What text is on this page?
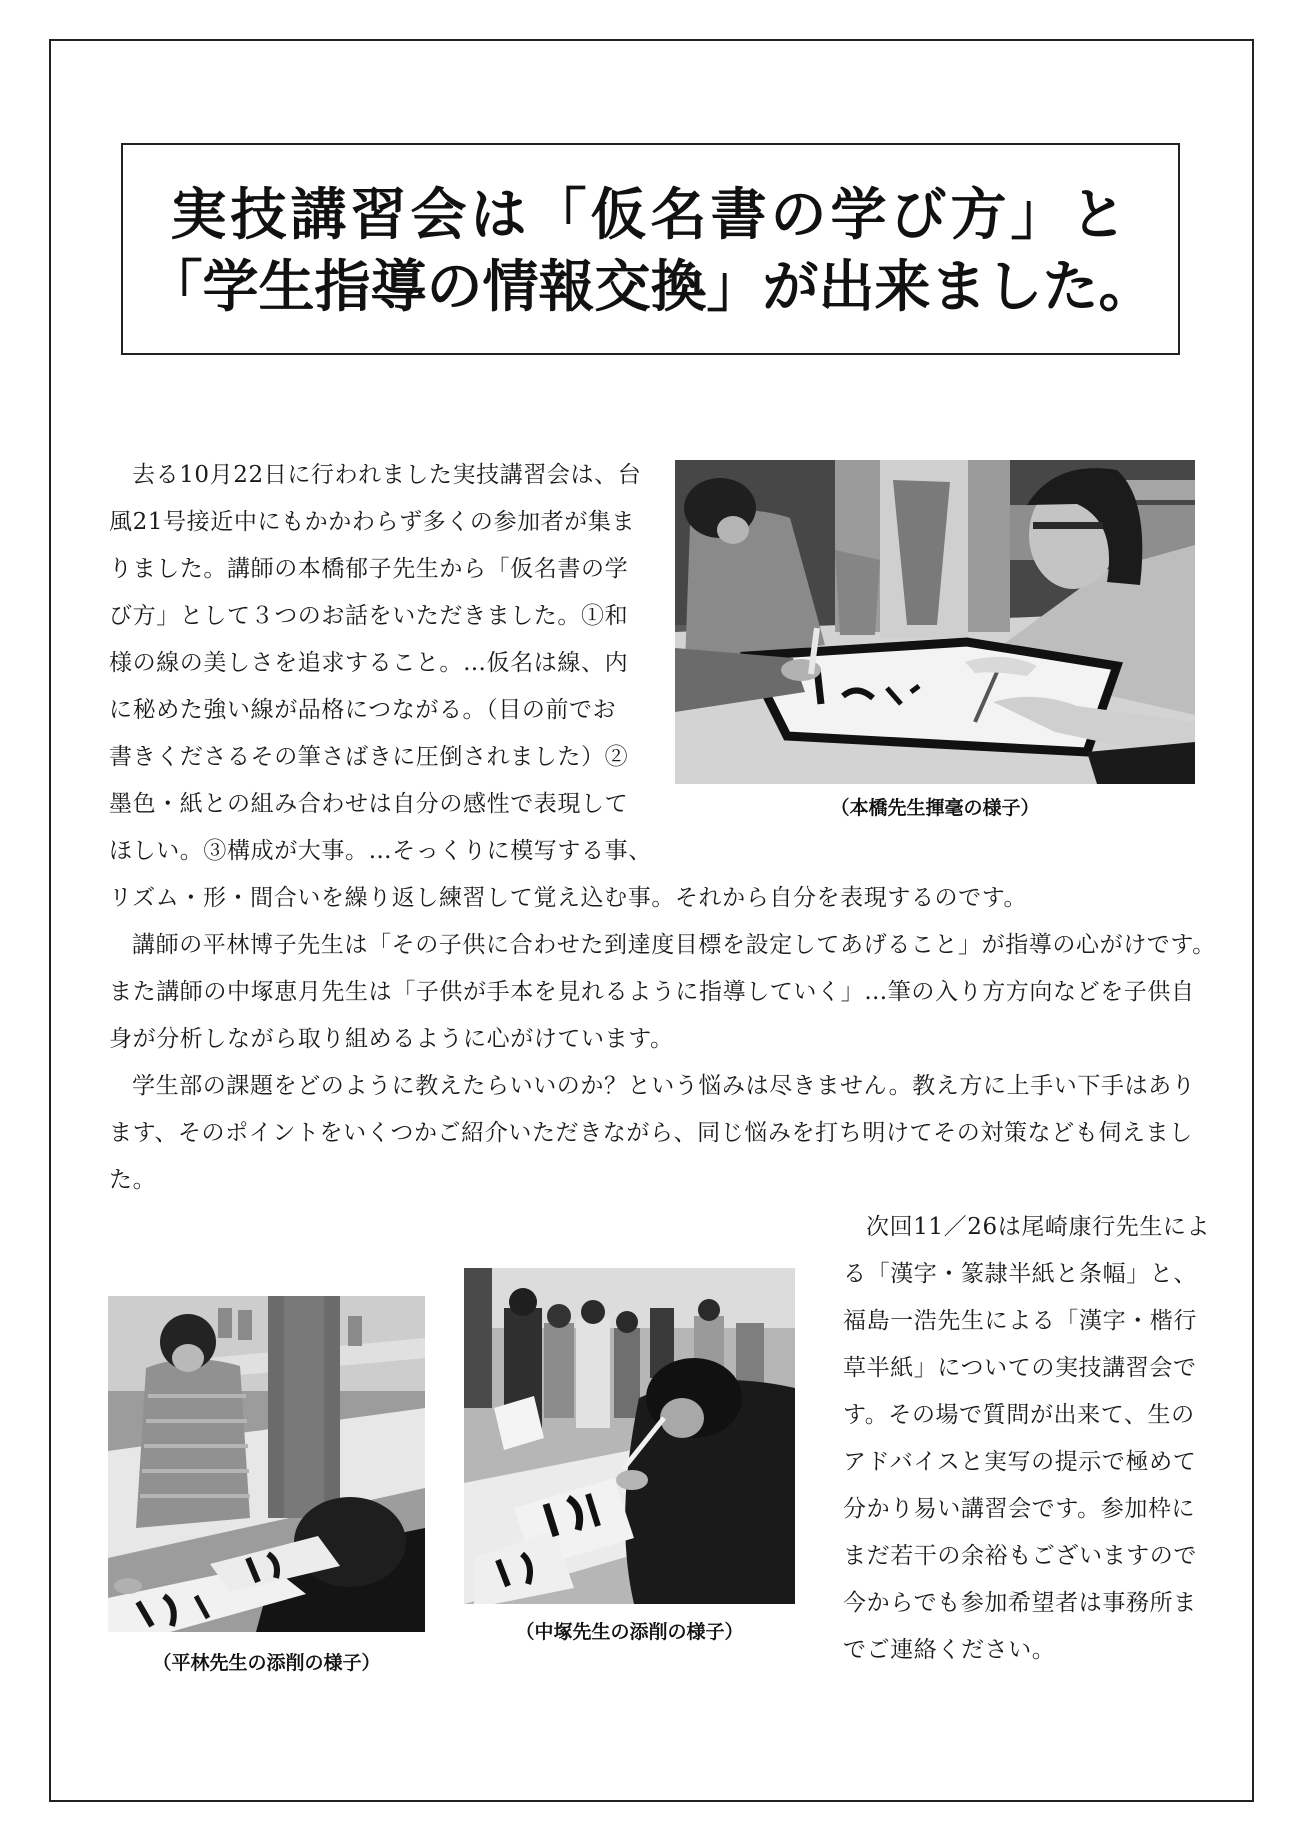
実技講習会は「仮名書の学び方」と
「学生指導の情報交換」が出来ました。
去る10月22日に行われました実技講習会は、台
風21号接近中にもかかわらず多くの参加者が集ま
りました。講師の本橋郁子先生から「仮名書の学
び方」として３つのお話をいただきました。①和
様の線の美しさを追求すること。…仮名は線、内
に秘めた強い線が品格につながる。（目の前でお
書きくださるその筆さばきに圧倒されました）②
墨色・紙との組み合わせは自分の感性で表現して
ほしい。③構成が大事。…そっくりに模写する事、
リズム・形・間合いを繰り返し練習して覚え込む事。それから自分を表現するのです。
講師の平林博子先生は「その子供に合わせた到達度目標を設定してあげること」が指導の心がけです。
また講師の中塚恵月先生は「子供が手本を見れるように指導していく」…筆の入り方方向などを子供自
身が分析しながら取り組めるように心がけています。
学生部の課題をどのように教えたらいいのか？という悩みは尽きません。教え方に上手い下手はあり
ます、そのポイントをいくつかご紹介いただきながら、同じ悩みを打ち明けてその対策なども伺えまし
た。
次回11／26は尾崎康行先生によ
る「漢字・篆隷半紙と条幅」と、
福島一浩先生による「漢字・楷行
草半紙」についての実技講習会で
す。その場で質問が出来て、生の
アドバイスと実写の提示で極めて
分かり易い講習会です。参加枠に
まだ若干の余裕もございますので
今からでも参加希望者は事務所ま
でご連絡ください。
（本橋先生揮毫の様子）
（平林先生の添削の様子）
（中塚先生の添削の様子）
